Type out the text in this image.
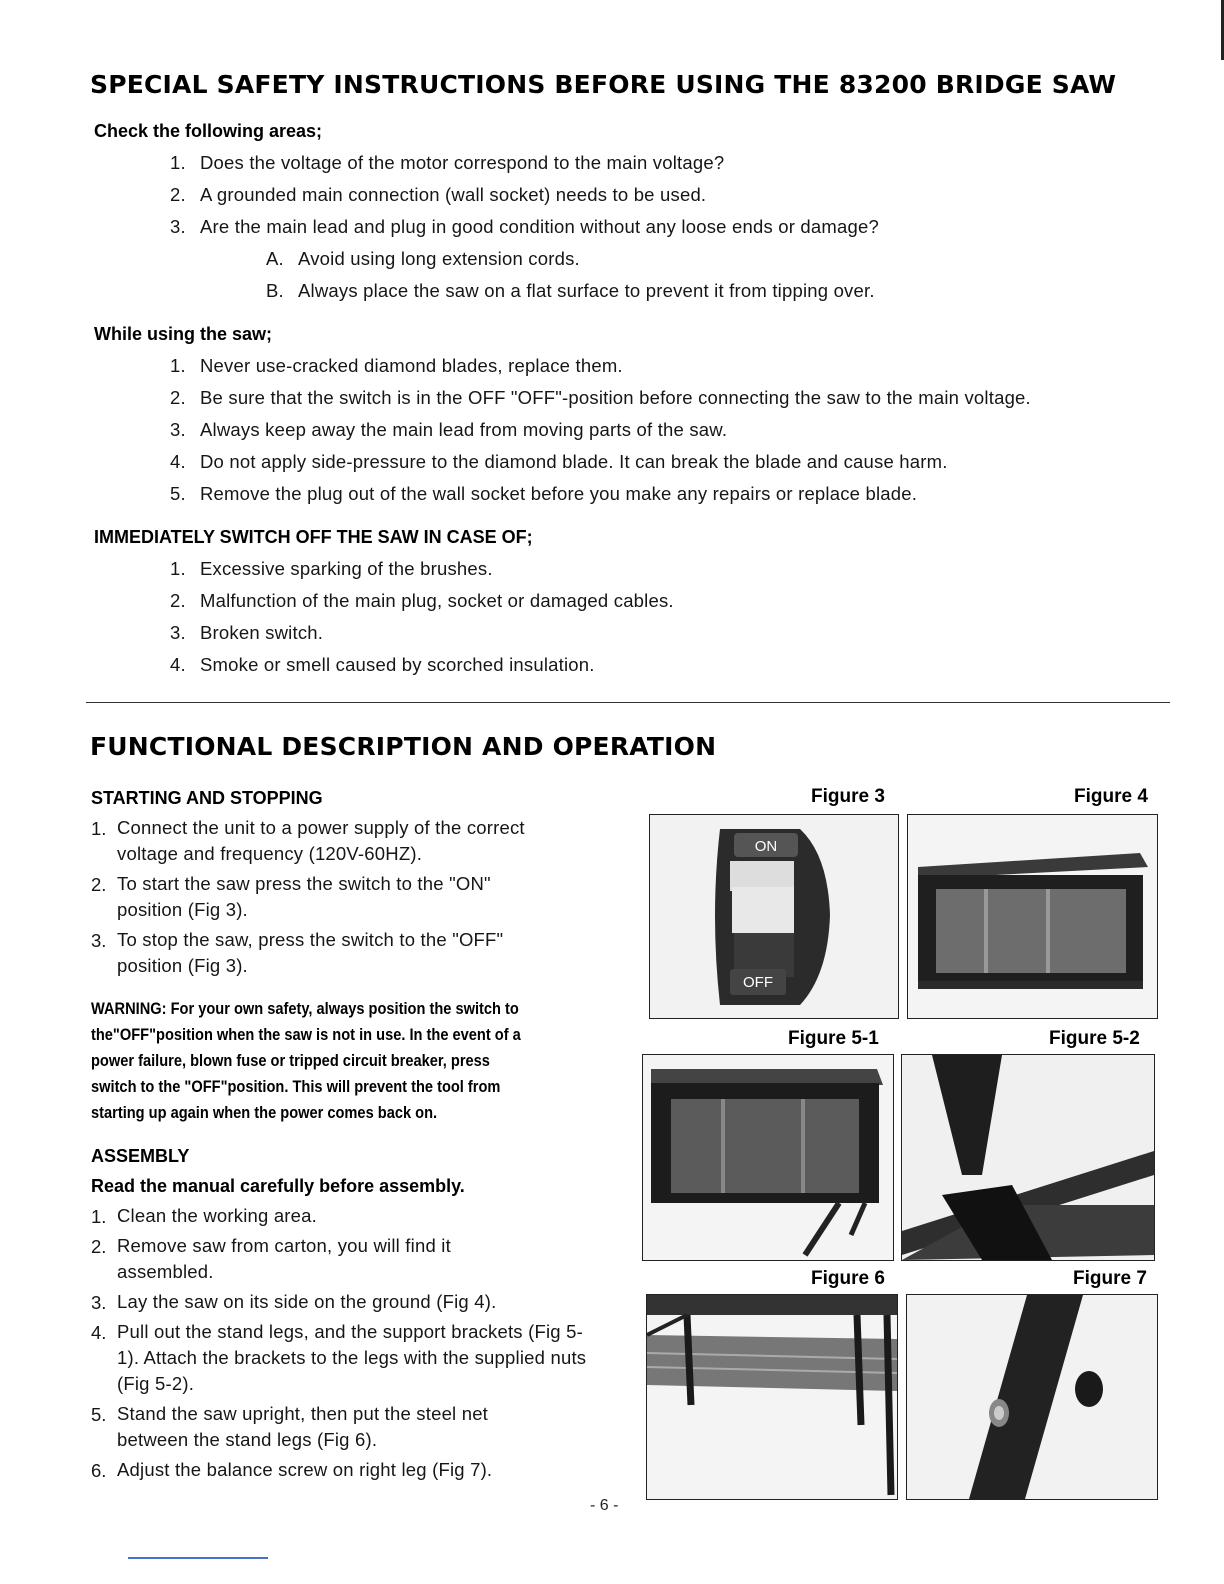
SPECIAL SAFETY INSTRUCTIONS BEFORE USING THE 83200 BRIDGE SAW
Check the following areas;
1. Does the voltage of the motor correspond to the main voltage?
2. A grounded main connection (wall socket) needs to be used.
3. Are the main lead and plug in good condition without any loose ends or damage?
A. Avoid using long extension cords.
B. Always place the saw on a flat surface to prevent it from tipping over.
While using the saw;
1. Never use-cracked diamond blades, replace them.
2. Be sure that the switch is in the OFF "OFF"-position before connecting the saw to the main voltage.
3. Always keep away the main lead from moving parts of the saw.
4. Do not apply side-pressure to the diamond blade. It can break the blade and cause harm.
5. Remove the plug out of the wall socket before you make any repairs or replace blade.
IMMEDIATELY SWITCH OFF THE SAW IN CASE OF;
1. Excessive sparking of the brushes.
2. Malfunction of the main plug, socket or damaged cables.
3. Broken switch.
4. Smoke or smell caused by scorched insulation.
FUNCTIONAL DESCRIPTION AND OPERATION
STARTING AND STOPPING
1. Connect the unit to a power supply of the correct voltage and frequency (120V-60HZ).
2. To start the saw press the switch to the "ON" position (Fig 3).
3. To stop the saw, press the switch to the "OFF" position (Fig 3).

WARNING: For your own safety, always position the switch to the"OFF"position when the saw is not in use. In the event of a power failure, blown fuse or tripped circuit breaker, press switch to the "OFF"position. This will prevent the tool from starting up again when the power comes back on.

ASSEMBLY
Read the manual carefully before assembly.
1. Clean the working area.
2. Remove saw from carton, you will find it assembled.
3. Lay the saw on its side on the ground (Fig 4).
4. Pull out the stand legs, and the support brackets (Fig 5-1). Attach the brackets to the legs with the supplied nuts (Fig 5-2).
5. Stand the saw upright, then put the steel net between the stand legs (Fig 6).
6. Adjust the balance screw on right leg (Fig 7).
Figure 3	Figure 4
ON
OFF
Figure 5-1	Figure 5-2
Figure 6	Figure 7
- 6 -
